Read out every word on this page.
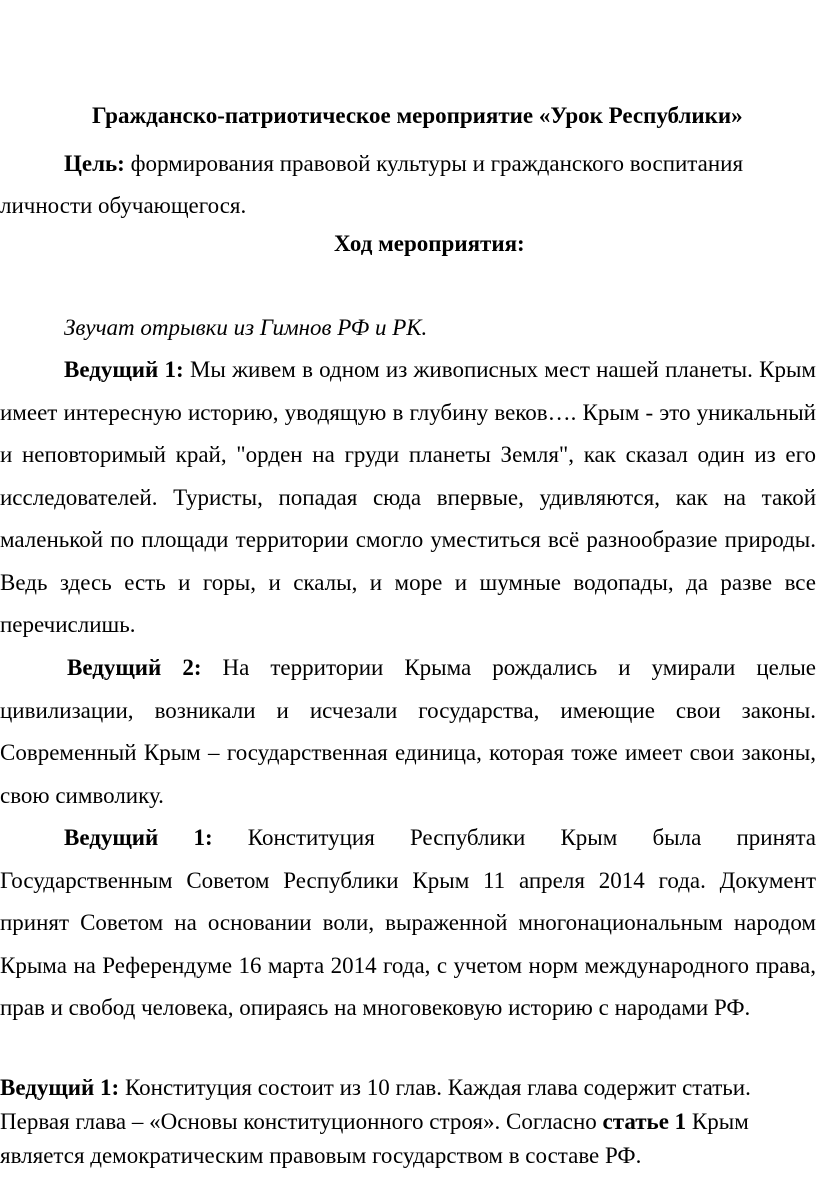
Гражданско-патриотическое мероприятие «Урок Республики»
Цель: формирования правовой культуры и гражданского воспитания личности обучающегося.
Ход мероприятия:
Звучат отрывки из Гимнов РФ и РК.
Ведущий 1: Мы живем в одном из живописных мест нашей планеты. Крым имеет интересную историю, уводящую в глубину веков…. Крым - это уникальный и неповторимый край, "орден на груди планеты Земля", как сказал один из его исследователей. Туристы, попадая сюда впервые, удивляются, как на такой маленькой по площади территории смогло уместиться всё разнообразие природы. Ведь здесь есть и горы, и скалы, и море и шумные водопады, да разве все перечислишь.
Ведущий 2: На территории Крыма рождались и умирали целые цивилизации, возникали и исчезали государства, имеющие свои законы. Современный Крым – государственная единица, которая тоже имеет свои законы, свою символику.
Ведущий 1: Конституция Республики Крым была принята Государственным Советом Республики Крым 11 апреля 2014 года. Документ принят Советом на основании воли, выраженной многонациональным народом Крыма на Референдуме 16 марта 2014 года, с учетом норм международного права, прав и свобод человека, опираясь на многовековую историю с народами РФ.
Ведущий 1: Конституция состоит из 10 глав. Каждая глава содержит статьи. Первая глава – «Основы конституционного строя». Согласно статье 1 Крым является демократическим правовым государством в составе РФ.
